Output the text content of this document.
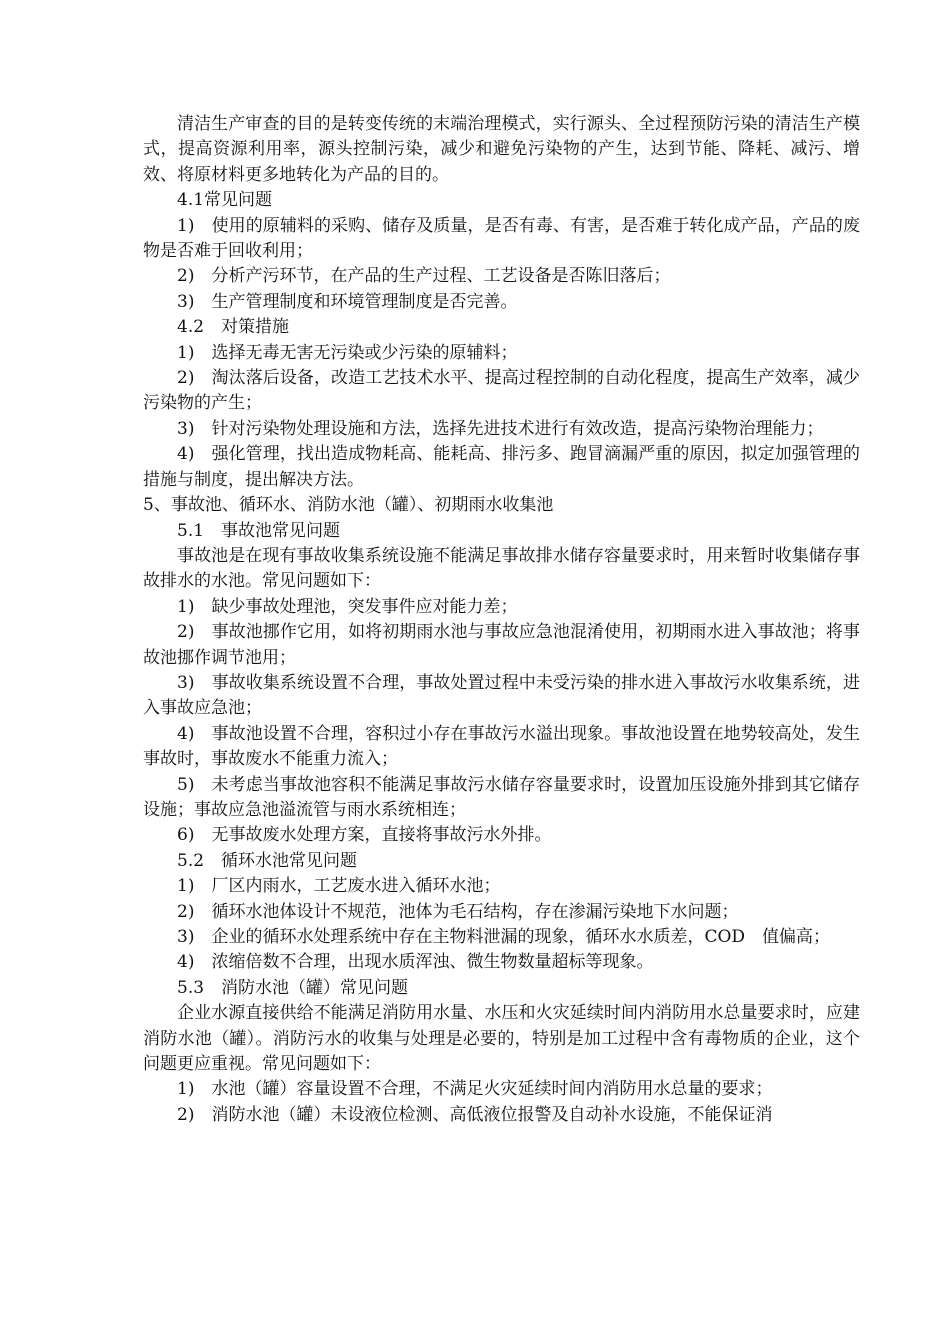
清洁生产审查的目的是转变传统的末端治理模式，实行源头、全过程预防污染的清洁生产模式，提高资源利用率，源头控制污染，减少和避免污染物的产生，达到节能、降耗、减污、增效、将原材料更多地转化为产品的目的。

4.1常见问题

1)　使用的原辅料的采购、储存及质量，是否有毒、有害，是否难于转化成产品，产品的废物是否难于回收利用；

2)　分析产污环节，在产品的生产过程、工艺设备是否陈旧落后；

3)　生产管理制度和环境管理制度是否完善。

4.2　对策措施

1)　选择无毒无害无污染或少污染的原辅料；

2)　淘汰落后设备，改造工艺技术水平、提高过程控制的自动化程度，提高生产效率，减少污染物的产生；

3)　针对污染物处理设施和方法，选择先进技术进行有效改造，提高污染物治理能力；

4)　强化管理，找出造成物耗高、能耗高、排污多、跑冒滴漏严重的原因，拟定加强管理的措施与制度，提出解决方法。

5、事故池、循环水、消防水池（罐）、初期雨水收集池

5.1　事故池常见问题

事故池是在现有事故收集系统设施不能满足事故排水储存容量要求时，用来暂时收集储存事故排水的水池。常见问题如下：

1)　缺少事故处理池，突发事件应对能力差；

2)　事故池挪作它用，如将初期雨水池与事故应急池混淆使用，初期雨水进入事故池；将事故池挪作调节池用；

3)　事故收集系统设置不合理，事故处置过程中未受污染的排水进入事故污水收集系统，进入事故应急池；

4)　事故池设置不合理，容积过小存在事故污水溢出现象。事故池设置在地势较高处，发生事故时，事故废水不能重力流入；

5)　未考虑当事故池容积不能满足事故污水储存容量要求时，设置加压设施外排到其它储存设施；事故应急池溢流管与雨水系统相连；

6)　无事故废水处理方案，直接将事故污水外排。

5.2　循环水池常见问题

1)　厂区内雨水，工艺废水进入循环水池；

2)　循环水池体设计不规范，池体为毛石结构，存在渗漏污染地下水问题；

3)　企业的循环水处理系统中存在主物料泄漏的现象，循环水水质差，COD　值偏高；

4)　浓缩倍数不合理，出现水质浑浊、微生物数量超标等现象。

5.3　消防水池（罐）常见问题

企业水源直接供给不能满足消防用水量、水压和火灾延续时间内消防用水总量要求时，应建消防水池（罐）。消防污水的收集与处理是必要的，特别是加工过程中含有毒物质的企业，这个问题更应重视。常见问题如下：

1)　水池（罐）容量设置不合理，不满足火灾延续时间内消防用水总量的要求；

2)　消防水池（罐）未设液位检测、高低液位报警及自动补水设施，不能保证消
